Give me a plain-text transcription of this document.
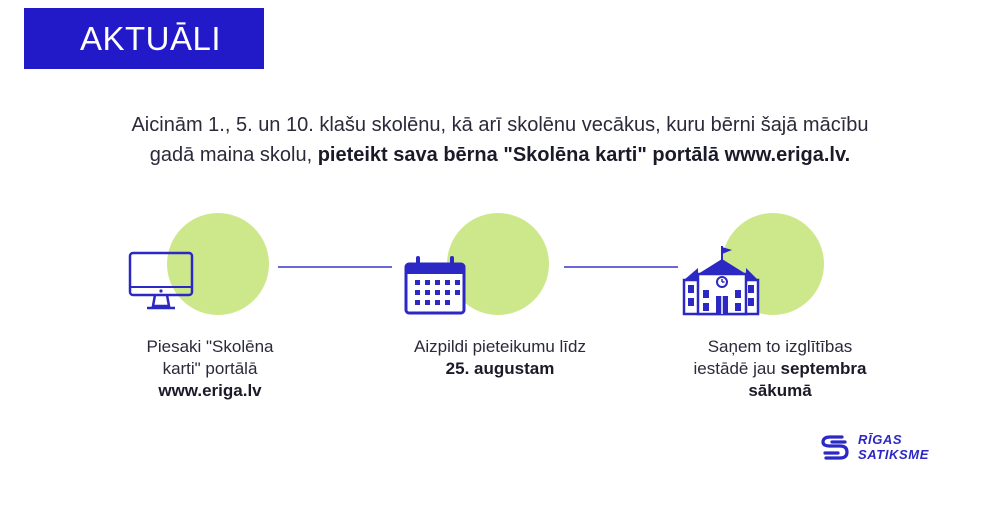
AKTUĀLI
Aicinām 1., 5. un 10. klašu skolēnu, kā arī skolēnu vecākus, kuru bērni šajā mācību
gadā maina skolu, pieteikt sava bērna "Skolēna karti" portālā www.eriga.lv.
Piesaki "Skolēna
karti" portālā
www.eriga.lv
Aizpildi pieteikumu līdz
25. augustam
Saņem to izglītības
iestādē jau septembra
sākumā
RĪGAS
SATIKSME
